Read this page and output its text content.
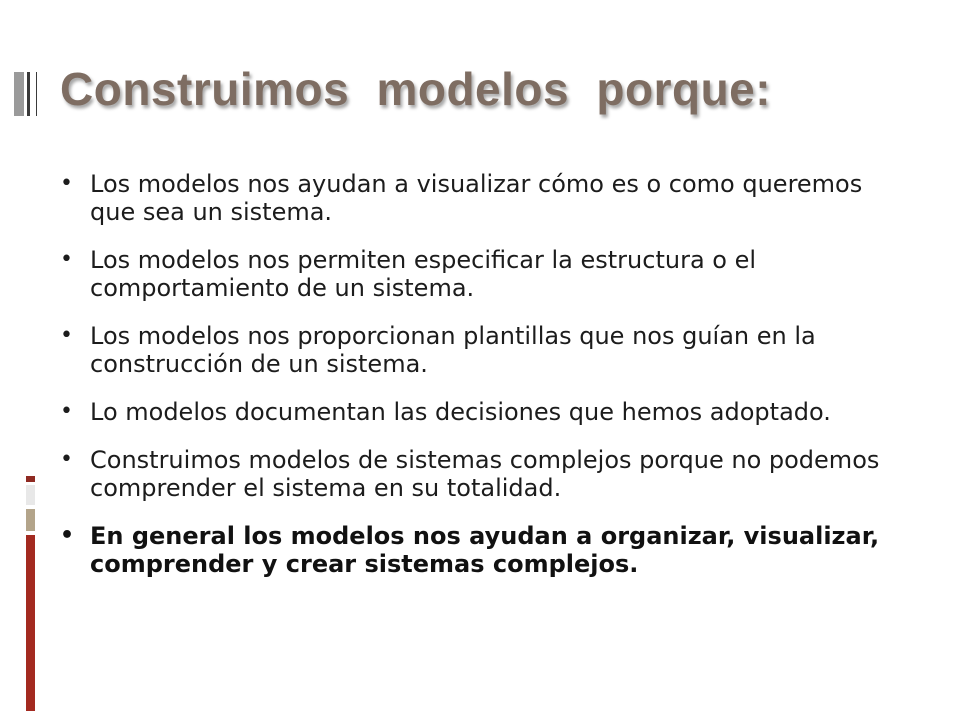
Construimos modelos porque:
• Los modelos nos ayudan a visualizar cómo es o como queremos que sea un sistema.
• Los modelos nos permiten especificar la estructura o el comportamiento de un sistema.
• Los modelos nos proporcionan plantillas que nos guían en la construcción de un sistema.
• Lo modelos documentan las decisiones que hemos adoptado.
• Construimos modelos de sistemas complejos porque no podemos comprender el sistema en su totalidad.
• En general los modelos nos ayudan a organizar, visualizar, comprender y crear sistemas complejos.
